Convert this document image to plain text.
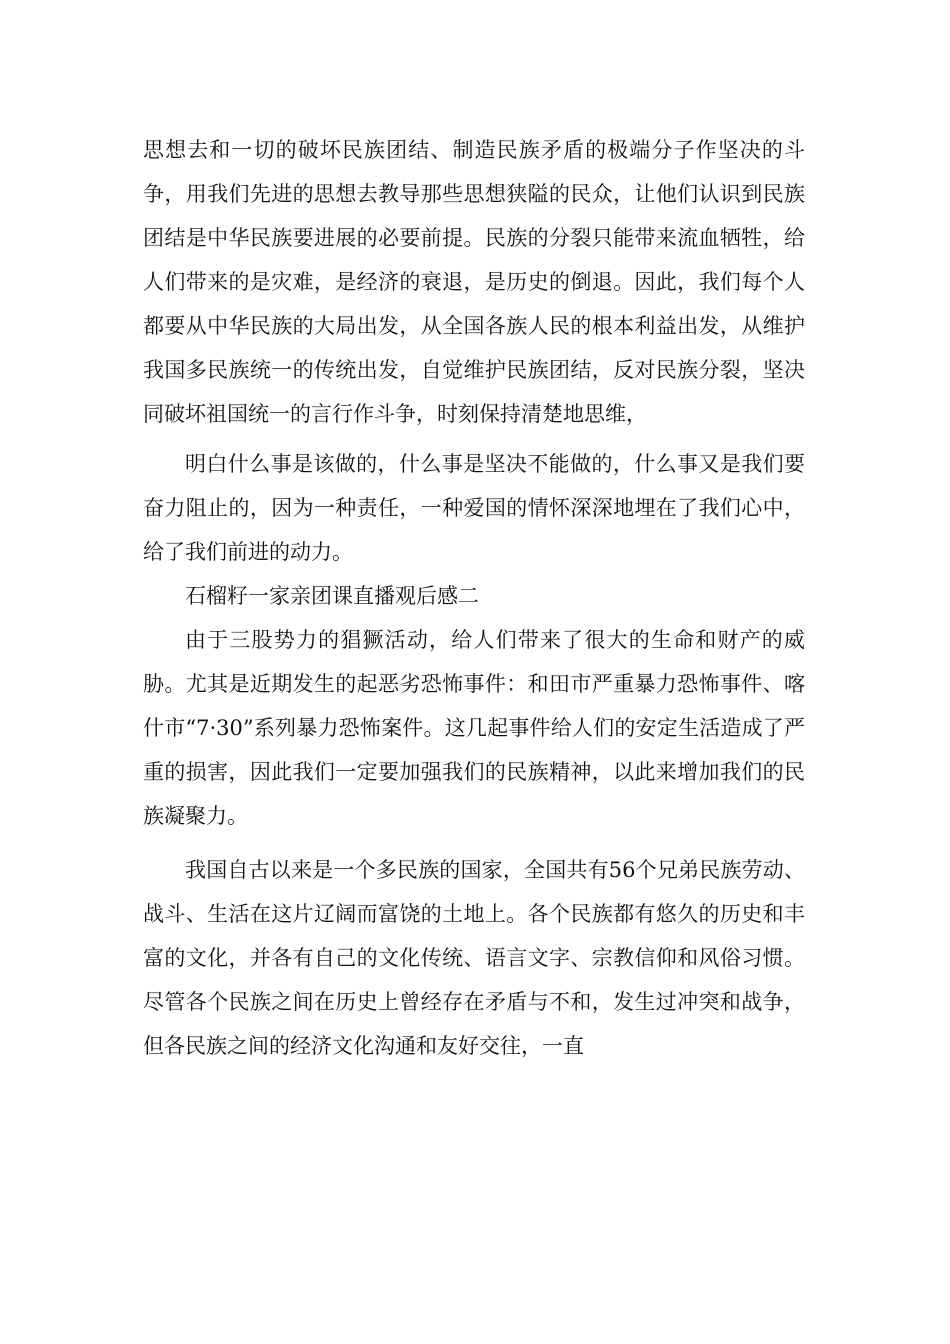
思想去和一切的破坏民族团结、制造民族矛盾的极端分子作坚决的斗争，用我们先进的思想去教导那些思想狭隘的民众，让他们认识到民族团结是中华民族要进展的必要前提。民族的分裂只能带来流血牺牲，给人们带来的是灾难，是经济的衰退，是历史的倒退。因此，我们每个人都要从中华民族的大局出发，从全国各族人民的根本利益出发，从维护我国多民族统一的传统出发，自觉维护民族团结，反对民族分裂，坚决同破坏祖国统一的言行作斗争，时刻保持清楚地思维，

明白什么事是该做的，什么事是坚决不能做的，什么事又是我们要奋力阻止的，因为一种责任，一种爱国的情怀深深地埋在了我们心中，给了我们前进的动力。

石榴籽一家亲团课直播观后感二

由于三股势力的猖獗活动，给人们带来了很大的生命和财产的威胁。尤其是近期发生的起恶劣恐怖事件：和田市严重暴力恐怖事件、喀什市“7·30”系列暴力恐怖案件。这几起事件给人们的安定生活造成了严重的损害，因此我们一定要加强我们的民族精神，以此来增加我们的民族凝聚力。

我国自古以来是一个多民族的国家，全国共有56个兄弟民族劳动、战斗、生活在这片辽阔而富饶的土地上。各个民族都有悠久的历史和丰富的文化，并各有自己的文化传统、语言文字、宗教信仰和风俗习惯。尽管各个民族之间在历史上曾经存在矛盾与不和，发生过冲突和战争，但各民族之间的经济文化沟通和友好交往，一直
